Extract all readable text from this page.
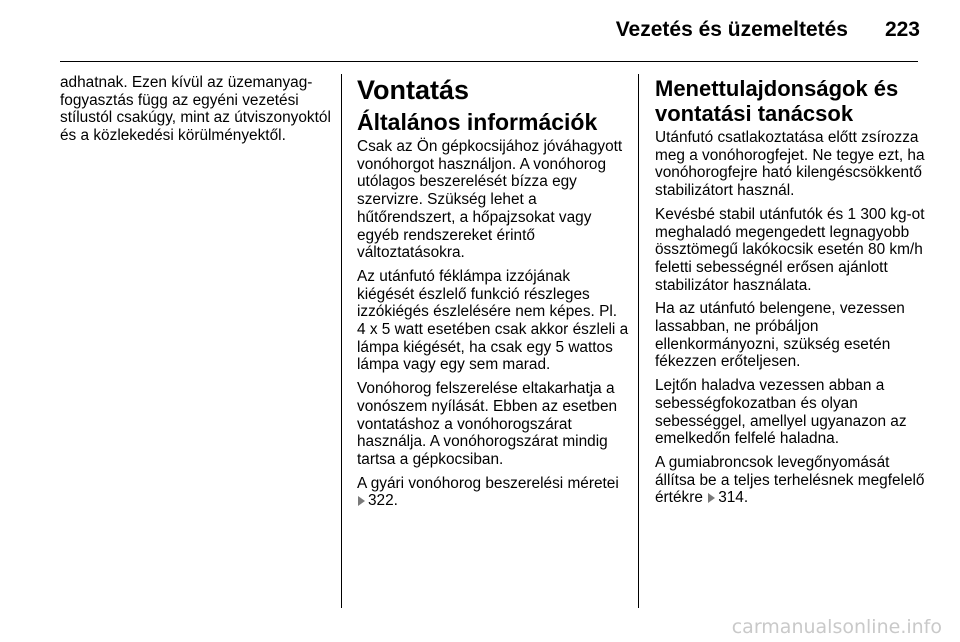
Vezetés és üzemeltetés 223

adhatnak. Ezen kívül az üzemanyag-fogyasztás függ az egyéni vezetési stílustól csakúgy, mint az útviszonyoktól és a közlekedési körülményektől.

Vontatás
Általános információk

Csak az Ön gépkocsijához jóváhagyott vonóhorgot használjon. A vonóhorog utólagos beszerelését bízza egy szervizre. Szükség lehet a hűtőrendszert, a hőpajzsokat vagy egyéb rendszereket érintő változtatásokra.

Az utánfutó féklámpa izzójának kiégését észlelő funkció részleges izzókiégés észlelésére nem képes. Pl. 4 x 5 watt esetében csak akkor észleli a lámpa kiégését, ha csak egy 5 wattos lámpa vagy egy sem marad.

Vonóhorog felszerelése eltakarhatja a vonószem nyílását. Ebben az esetben vontatáshoz a vonóhorogszárat használja. A vonóhorogszárat mindig tartsa a gépkocsiban.

A gyári vonóhorog beszerelési méretei 322.

Menettulajdonságok és vontatási tanácsok

Utánfutó csatlakoztatása előtt zsírozza meg a vonóhorogfejet. Ne tegye ezt, ha vonóhorogfejre ható kilengéscsökkentő stabilizátort használ.

Kevésbé stabil utánfutók és 1 300 kg-ot meghaladó megengedett legnagyobb össztömegű lakókocsik esetén 80 km/h feletti sebességnél erősen ajánlott stabilizátor használata.

Ha az utánfutó belengene, vezessen lassabban, ne próbáljon ellenkormányozni, szükség esetén fékezzen erőteljesen.

Lejtőn haladva vezessen abban a sebességfokozatban és olyan sebességgel, amellyel ugyanazon az emelkedőn felfelé haladna.

A gumiabroncsok levegőnyomását állítsa be a teljes terhelésnek megfelelő értékre 314.

carmanualsonline.info
